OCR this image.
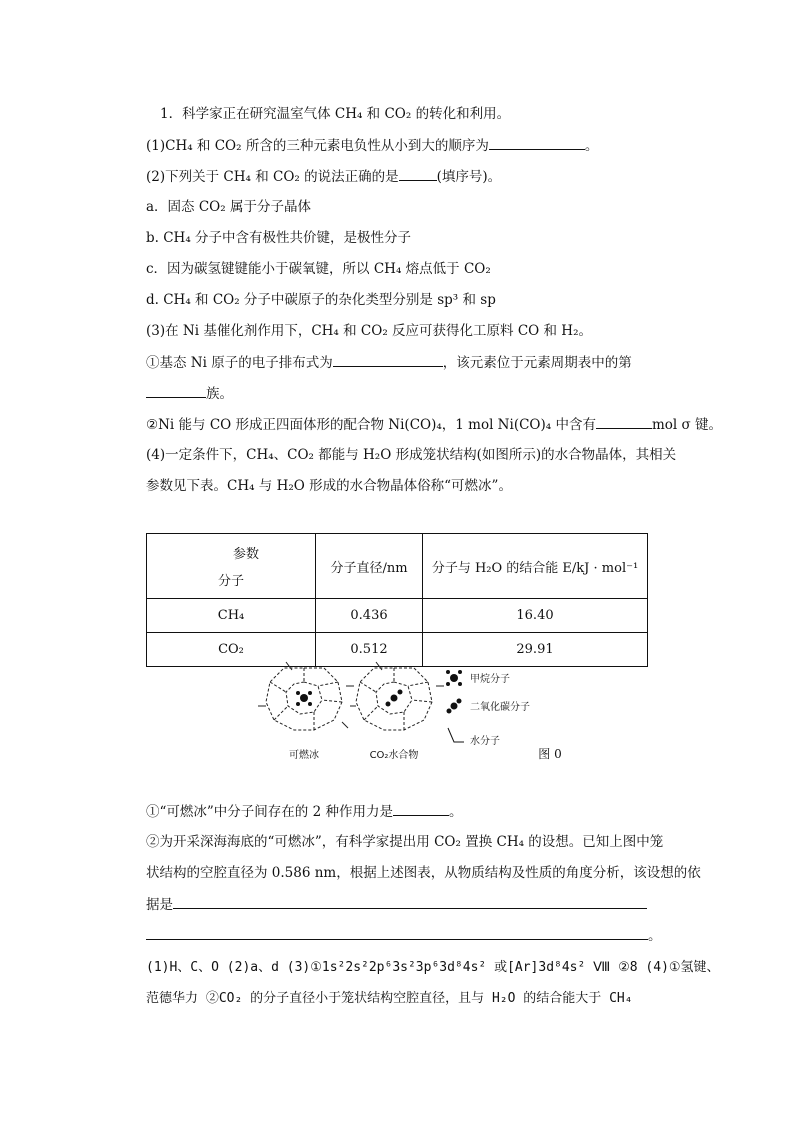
1．科学家正在研究温室气体 CH₄ 和 CO₂ 的转化和利用。
(1)CH₄ 和 CO₂ 所含的三种元素电负性从小到大的顺序为	。
(2)下列关于 CH₄ 和 CO₂ 的说法正确的是	(填序号)。
a．固态 CO₂ 属于分子晶体
b. CH₄ 分子中含有极性共价键，是极性分子
c．因为碳氢键键能小于碳氧键，所以 CH₄ 熔点低于 CO₂
d. CH₄ 和 CO₂ 分子中碳原子的杂化类型分别是 sp³ 和 sp
(3)在 Ni 基催化剂作用下，CH₄ 和 CO₂ 反应可获得化工原料 CO 和 H₂。
①基态 Ni 原子的电子排布式为	，该元素位于元素周期表中的第
族。
②Ni 能与 CO 形成正四面体形的配合物 Ni(CO)₄，1 mol Ni(CO)₄ 中含有	mol σ 键。
(4)一定条件下，CH₄、CO₂ 都能与 H₂O 形成笼状结构(如图所示)的水合物晶体，其相关
参数见下表。CH₄ 与 H₂O 形成的水合物晶体俗称“可燃冰”。
参数
分子	分子直径/nm	分子与 H₂O 的结合能 E/kJ · mol⁻¹
CH₄	0.436	16.40
CO₂	0.512	29.91
甲烷分子
二氧化碳分子
水分子
可燃冰	CO₂水合物	图 0
①“可燃冰”中分子间存在的 2 种作用力是	。
②为开采深海海底的“可燃冰”，有科学家提出用 CO₂ 置换 CH₄ 的设想。已知上图中笼
状结构的空腔直径为 0.586 nm，根据上述图表，从物质结构及性质的角度分析，该设想的依
据是
。
(1)H、C、O (2)a、d (3)①1s²2s²2p⁶3s²3p⁶3d⁸4s² 或[Ar]3d⁸4s² Ⅷ ②8 (4)①氢键、
范德华力 ②CO₂ 的分子直径小于笼状结构空腔直径，且与 H₂O 的结合能大于 CH₄
